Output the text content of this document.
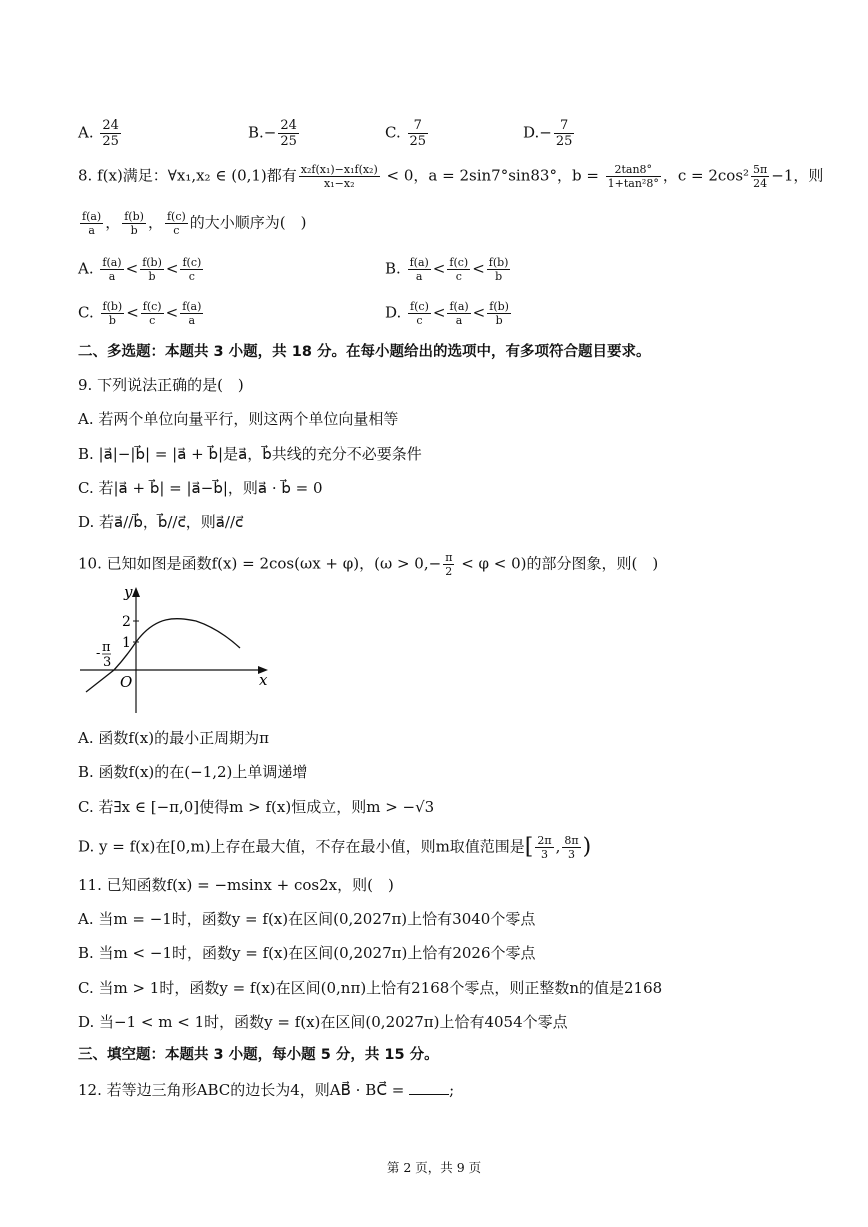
A. $\frac{24}{25}$	$B.- \frac{24}{25}$	C. $\frac{7}{25}$	$D.- \frac{7}{25}$
8. f(x)满足：∀x₁,x₂ ∈ (0,1)都有 $\frac{\text{x₂f(x₁)−x₁f(x₂)}}{\text{x₁−x₂}} < 0$，a = 2sin7°sin83°，$b = \frac{2\tan 8^\circ}{\text{1+tan²8°}}$ ，$c = 2\cos^2 \frac{5\pi}{24} -1$，则
$\frac{f(a)}{a}$ ， $\frac{f(b)}{b}$ ， $\frac{f(c)}{c}$ 的大小顺序为(　)
A. $\frac{f(a)}{a} < \frac{f(b)}{b} < \frac{f(c)}{c}$	B. $\frac{f(a)}{a} < \frac{f(c)}{c} < \frac{f(b)}{b}$
C. $\frac{f(b)}{b} < \frac{f(c)}{c} < \frac{f(a)}{a}$	D. $\frac{f(c)}{c} < \frac{f(a)}{a} < \frac{f(b)}{b}$
二、多选题：本题共 3 小题，共 18 分。在每小题给出的选项中，有多项符合题目要求。
9. 下列说法正确的是(　)
A. 若两个单位向量平行，则这两个单位向量相等
B. |a⃗|−|b⃗| = |a⃗ + b⃗|是a⃗，b⃗共线的充分不必要条件
C. 若|a⃗ + b⃗| = |a⃗−b⃗|，则a⃗ · b⃗ = 0
D. 若a⃗//b⃗，b⃗//c⃗，则a⃗//c⃗
10. 已知如图是函数f(x) = 2cos(ωx + φ)，$(\omega > 0,- \frac{\pi}{2} < \varphi < 0)$的部分图象，则(　)
y
x
O
2
1
- π
3
A. 函数f(x)的最小正周期为π
B. 函数f(x)的在(−1,2)上单调递增
C. 若∃x ∈ [−π,0]使得m > f(x)恒成立，则m > −√3
D. y = f(x)在[0,m)上存在最大值，不存在最小值，则m取值范围是[ $\frac{2\pi}{3}$ , $\frac{8\pi}{3}$ )
11. 已知函数f(x) = −msinx + cos2x，则(　)
A. 当m = −1时，函数y = f(x)在区间(0,2027π)上恰有3040个零点
B. 当m < −1时，函数y = f(x)在区间(0,2027π)上恰有2026个零点
C. 当m > 1时，函数y = f(x)在区间(0,nπ)上恰有2168个零点，则正整数n的值是2168
D. 当−1 < m < 1时，函数y = f(x)在区间(0,2027π)上恰有4054个零点
三、填空题：本题共 3 小题，每小题 5 分，共 15 分。
12. 若等边三角形ABC的边长为4，则AB⃗ · BC⃗ =	;
第 2 页，共 9 页
